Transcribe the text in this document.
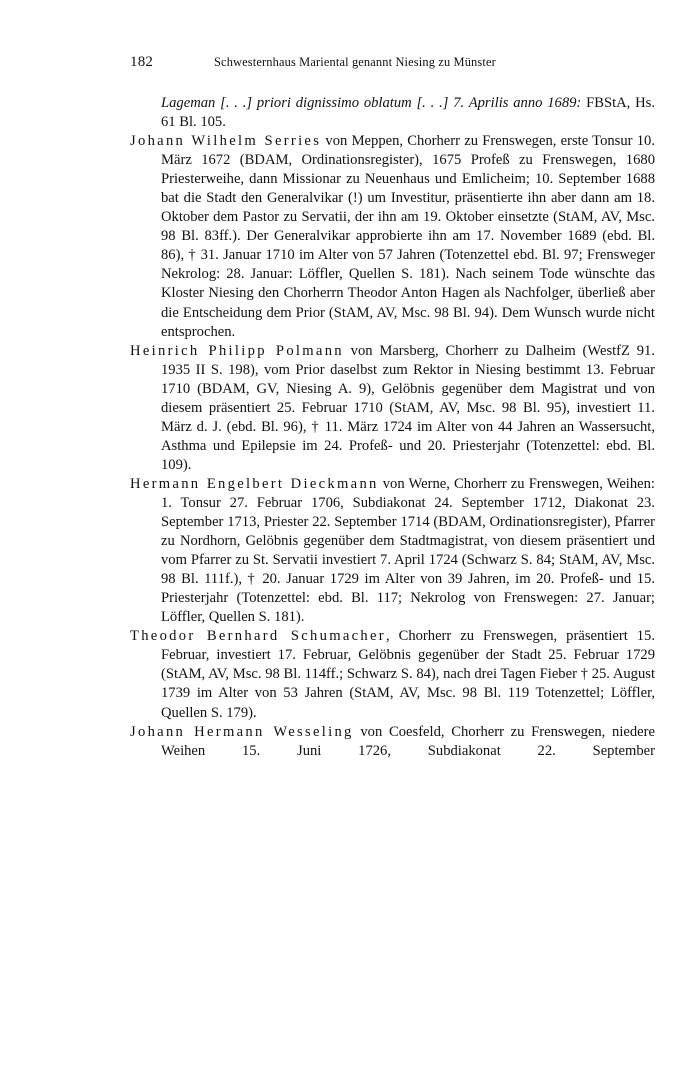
182	Schwesternhaus Mariental genannt Niesing zu Münster

Lageman [. . .] priori dignissimo oblatum [. . .] 7. Aprilis anno 1689: FBStA, Hs. 61 Bl. 105.

Johann Wilhelm Serries von Meppen, Chorherr zu Frenswegen, erste Tonsur 10. März 1672 (BDAM, Ordinationsregister), 1675 Profeß zu Frenswegen, 1680 Priesterweihe, dann Missionar zu Neuenhaus und Emlicheim; 10. September 1688 bat die Stadt den Generalvikar (!) um Investitur, präsentierte ihn aber dann am 18. Oktober dem Pastor zu Servatii, der ihn am 19. Oktober einsetzte (StAM, AV, Msc. 98 Bl. 83ff.). Der Generalvikar approbierte ihn am 17. November 1689 (ebd. Bl. 86), † 31. Januar 1710 im Alter von 57 Jahren (Totenzettel ebd. Bl. 97; Frensweger Nekrolog: 28. Januar: Löffler, Quellen S. 181). Nach seinem Tode wünschte das Kloster Niesing den Chorherrn Theodor Anton Hagen als Nachfolger, überließ aber die Entscheidung dem Prior (StAM, AV, Msc. 98 Bl. 94). Dem Wunsch wurde nicht entsprochen.

Heinrich Philipp Polmann von Marsberg, Chorherr zu Dalheim (WestfZ 91. 1935 II S. 198), vom Prior daselbst zum Rektor in Niesing bestimmt 13. Februar 1710 (BDAM, GV, Niesing A. 9), Gelöbnis gegenüber dem Magistrat und von diesem präsentiert 25. Februar 1710 (StAM, AV, Msc. 98 Bl. 95), investiert 11. März d. J. (ebd. Bl. 96), † 11. März 1724 im Alter von 44 Jahren an Wassersucht, Asthma und Epilepsie im 24. Profeß- und 20. Priesterjahr (Totenzettel: ebd. Bl. 109).

Hermann Engelbert Dieckmann von Werne, Chorherr zu Frenswegen, Weihen: 1. Tonsur 27. Februar 1706, Subdiakonat 24. September 1712, Diakonat 23. September 1713, Priester 22. September 1714 (BDAM, Ordinationsregister), Pfarrer zu Nordhorn, Gelöbnis gegenüber dem Stadtmagistrat, von diesem präsentiert und vom Pfarrer zu St. Servatii investiert 7. April 1724 (Schwarz S. 84; StAM, AV, Msc. 98 Bl. 111f.), † 20. Januar 1729 im Alter von 39 Jahren, im 20. Profeß- und 15. Priesterjahr (Totenzettel: ebd. Bl. 117; Nekrolog von Frenswegen: 27. Januar; Löffler, Quellen S. 181).

Theodor Bernhard Schumacher, Chorherr zu Frenswegen, präsentiert 15. Februar, investiert 17. Februar, Gelöbnis gegenüber der Stadt 25. Februar 1729 (StAM, AV, Msc. 98 Bl. 114ff.; Schwarz S. 84), nach drei Tagen Fieber † 25. August 1739 im Alter von 53 Jahren (StAM, AV, Msc. 98 Bl. 119 Totenzettel; Löffler, Quellen S. 179).

Johann Hermann Wesseling von Coesfeld, Chorherr zu Frenswegen, niedere Weihen 15. Juni 1726, Subdiakonat 22. September
